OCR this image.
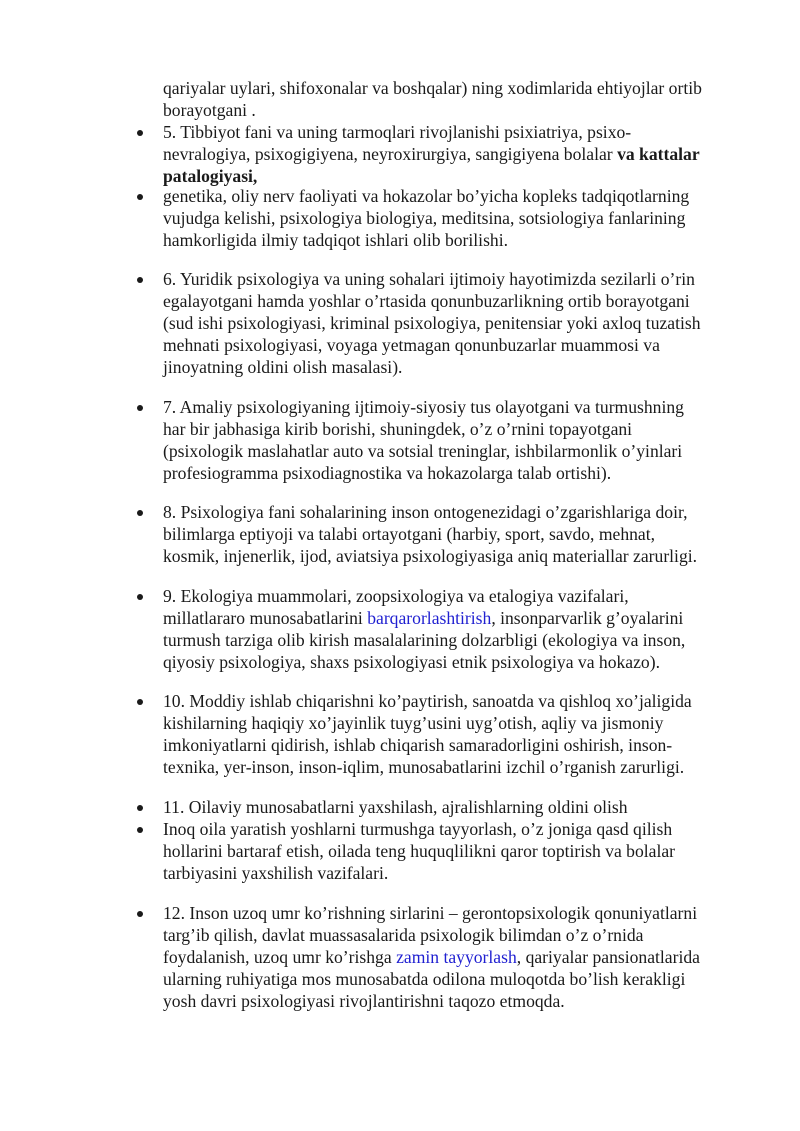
qariyalar uylari, shifoxonalar va boshqalar) ning xodimlarida ehtiyojlar ortib
borayotgani .
5. Tibbiyot fani va uning tarmoqlari rivojlanishi psixiatriya, psixo-
nevralogiya, psixogigiyena, neyroxirurgiya, sangigiyena bolalar va kattalar
patalogiyasi,
genetika, oliy nerv faoliyati va hokazolar bo’yicha kopleks tadqiqotlarning
vujudga kelishi, psixologiya biologiya, meditsina, sotsiologiya fanlarining
hamkorligida ilmiy tadqiqot ishlari olib borilishi.
6. Yuridik psixologiya va uning sohalari ijtimoiy hayotimizda sezilarli o’rin
egalayotgani hamda yoshlar o’rtasida qonunbuzarlikning ortib borayotgani
(sud ishi psixologiyasi, kriminal psixologiya, penitensiar yoki axloq tuzatish
mehnati psixologiyasi, voyaga yetmagan qonunbuzarlar muammosi va
jinoyatning oldini olish masalasi).
7. Amaliy psixologiyaning ijtimoiy-siyosiy tus olayotgani va turmushning
har bir jabhasiga kirib borishi, shuningdek, o’z o’rnini topayotgani
(psixologik maslahatlar auto va sotsial treninglar, ishbilarmonlik o’yinlari
profesiogramma psixodiagnostika va hokazolarga talab ortishi).
8. Psixologiya fani sohalarining inson ontogenezidagi o’zgarishlariga doir,
bilimlarga eptiyoji va talabi ortayotgani (harbiy, sport, savdo, mehnat,
kosmik, injenerlik, ijod, aviatsiya psixologiyasiga aniq materiallar zarurligi.
9. Ekologiya muammolari, zoopsixologiya va etalogiya vazifalari,
millatlararo munosabatlarini barqarorlashtirish, insonparvarlik g’oyalarini
turmush tarziga olib kirish masalalarining dolzarbligi (ekologiya va inson,
qiyosiy psixologiya, shaxs psixologiyasi etnik psixologiya va hokazo).
10. Moddiy ishlab chiqarishni ko’paytirish, sanoatda va qishloq xo’jaligida
kishilarning haqiqiy xo’jayinlik tuyg’usini uyg’otish, aqliy va jismoniy
imkoniyatlarni qidirish, ishlab chiqarish samaradorligini oshirish, inson-
texnika, yer-inson, inson-iqlim, munosabatlarini izchil o’rganish zarurligi.
11. Oilaviy munosabatlarni yaxshilash, ajralishlarning oldini olish
Inoq oila yaratish yoshlarni turmushga tayyorlash, o’z joniga qasd qilish
hollarini bartaraf etish, oilada teng huquqlilikni qaror toptirish va bolalar
tarbiyasini yaxshilish vazifalari.
12. Inson uzoq umr ko’rishning sirlarini – gerontopsixologik qonuniyatlarni
targ’ib qilish, davlat muassasalarida psixologik bilimdan o’z o’rnida
foydalanish, uzoq umr ko’rishga zamin tayyorlash, qariyalar pansionatlarida
ularning ruhiyatiga mos munosabatda odilona muloqotda bo’lish kerakligi
yosh davri psixologiyasi rivojlantirishni taqozo etmoqda.
